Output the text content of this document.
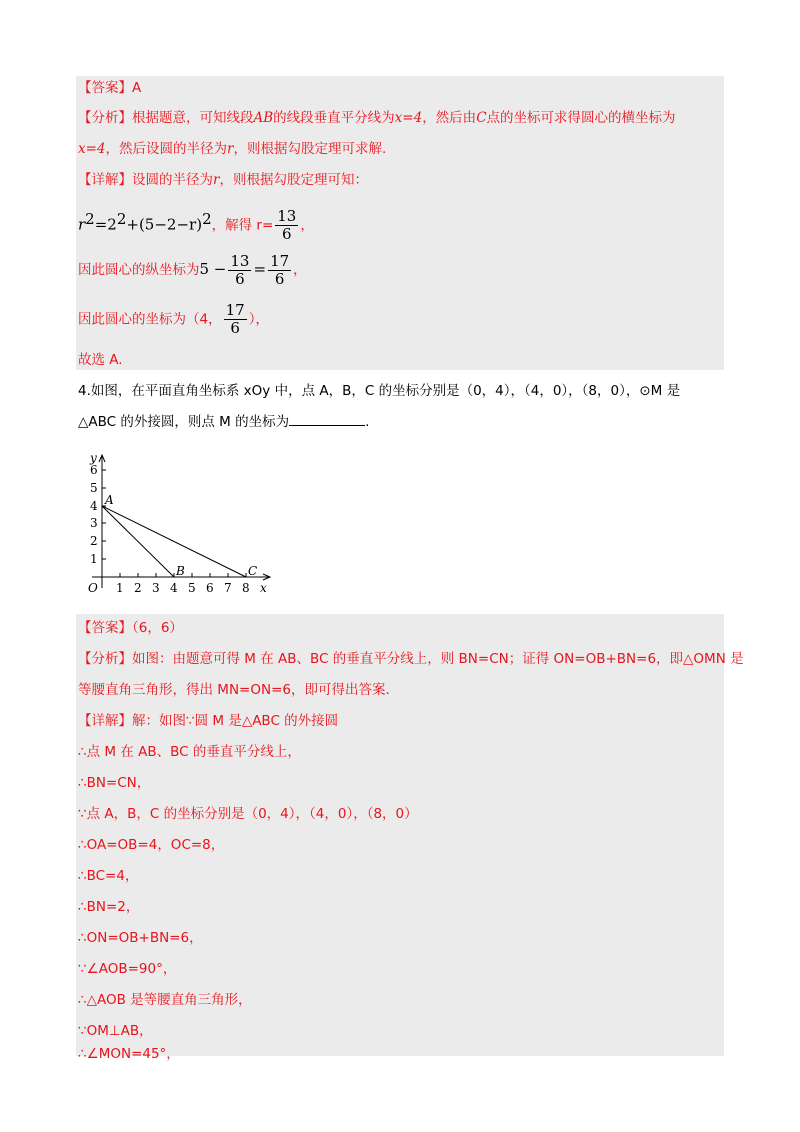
【答案】A
【分析】根据题意，可知线段AB的线段垂直平分线为x=4，然后由C点的坐标可求得圆心的横坐标为
x=4，然后设圆的半径为r，则根据勾股定理可求解.
【详解】设圆的半径为r，则根据勾股定理可知：
$r^2=2^2+(5-2-r)^2$，解得 $r= \frac{13}{6}$ ，
因此圆心的纵坐标为$5 - \frac{13}{6} = \frac{17}{6}$ ，
因此圆心的坐标为（4， $\frac{17}{6}$ ），
故选 A.
4.如图，在平面直角坐标系 xOy 中，点 A，B，C 的坐标分别是（0，4），（4，0），（8，0），⊙M 是
△ABC 的外接圆，则点 M 的坐标为	.
y
x
O
1
2
3
4
5
6
1 2 3 4 5 6 7 8
A
B	C
【答案】（6，6）
【分析】如图：由题意可得 M 在 AB、BC 的垂直平分线上，则 BN=CN；证得 ON=OB+BN=6，即△OMN 是
等腰直角三角形，得出 MN=ON=6，即可得出答案.
【详解】解：如图∵圆 M 是△ABC 的外接圆
∴点 M 在 AB、BC 的垂直平分线上，
∴BN=CN，
∵点 A，B，C 的坐标分别是（0，4），（4，0），（8，0）
∴OA=OB=4，OC=8，
∴BC=4，
∴BN=2，
∴ON=OB+BN=6，
∵∠AOB=90°，
∴△AOB 是等腰直角三角形，
∵OM⊥AB，
∴∠MON=45°，
